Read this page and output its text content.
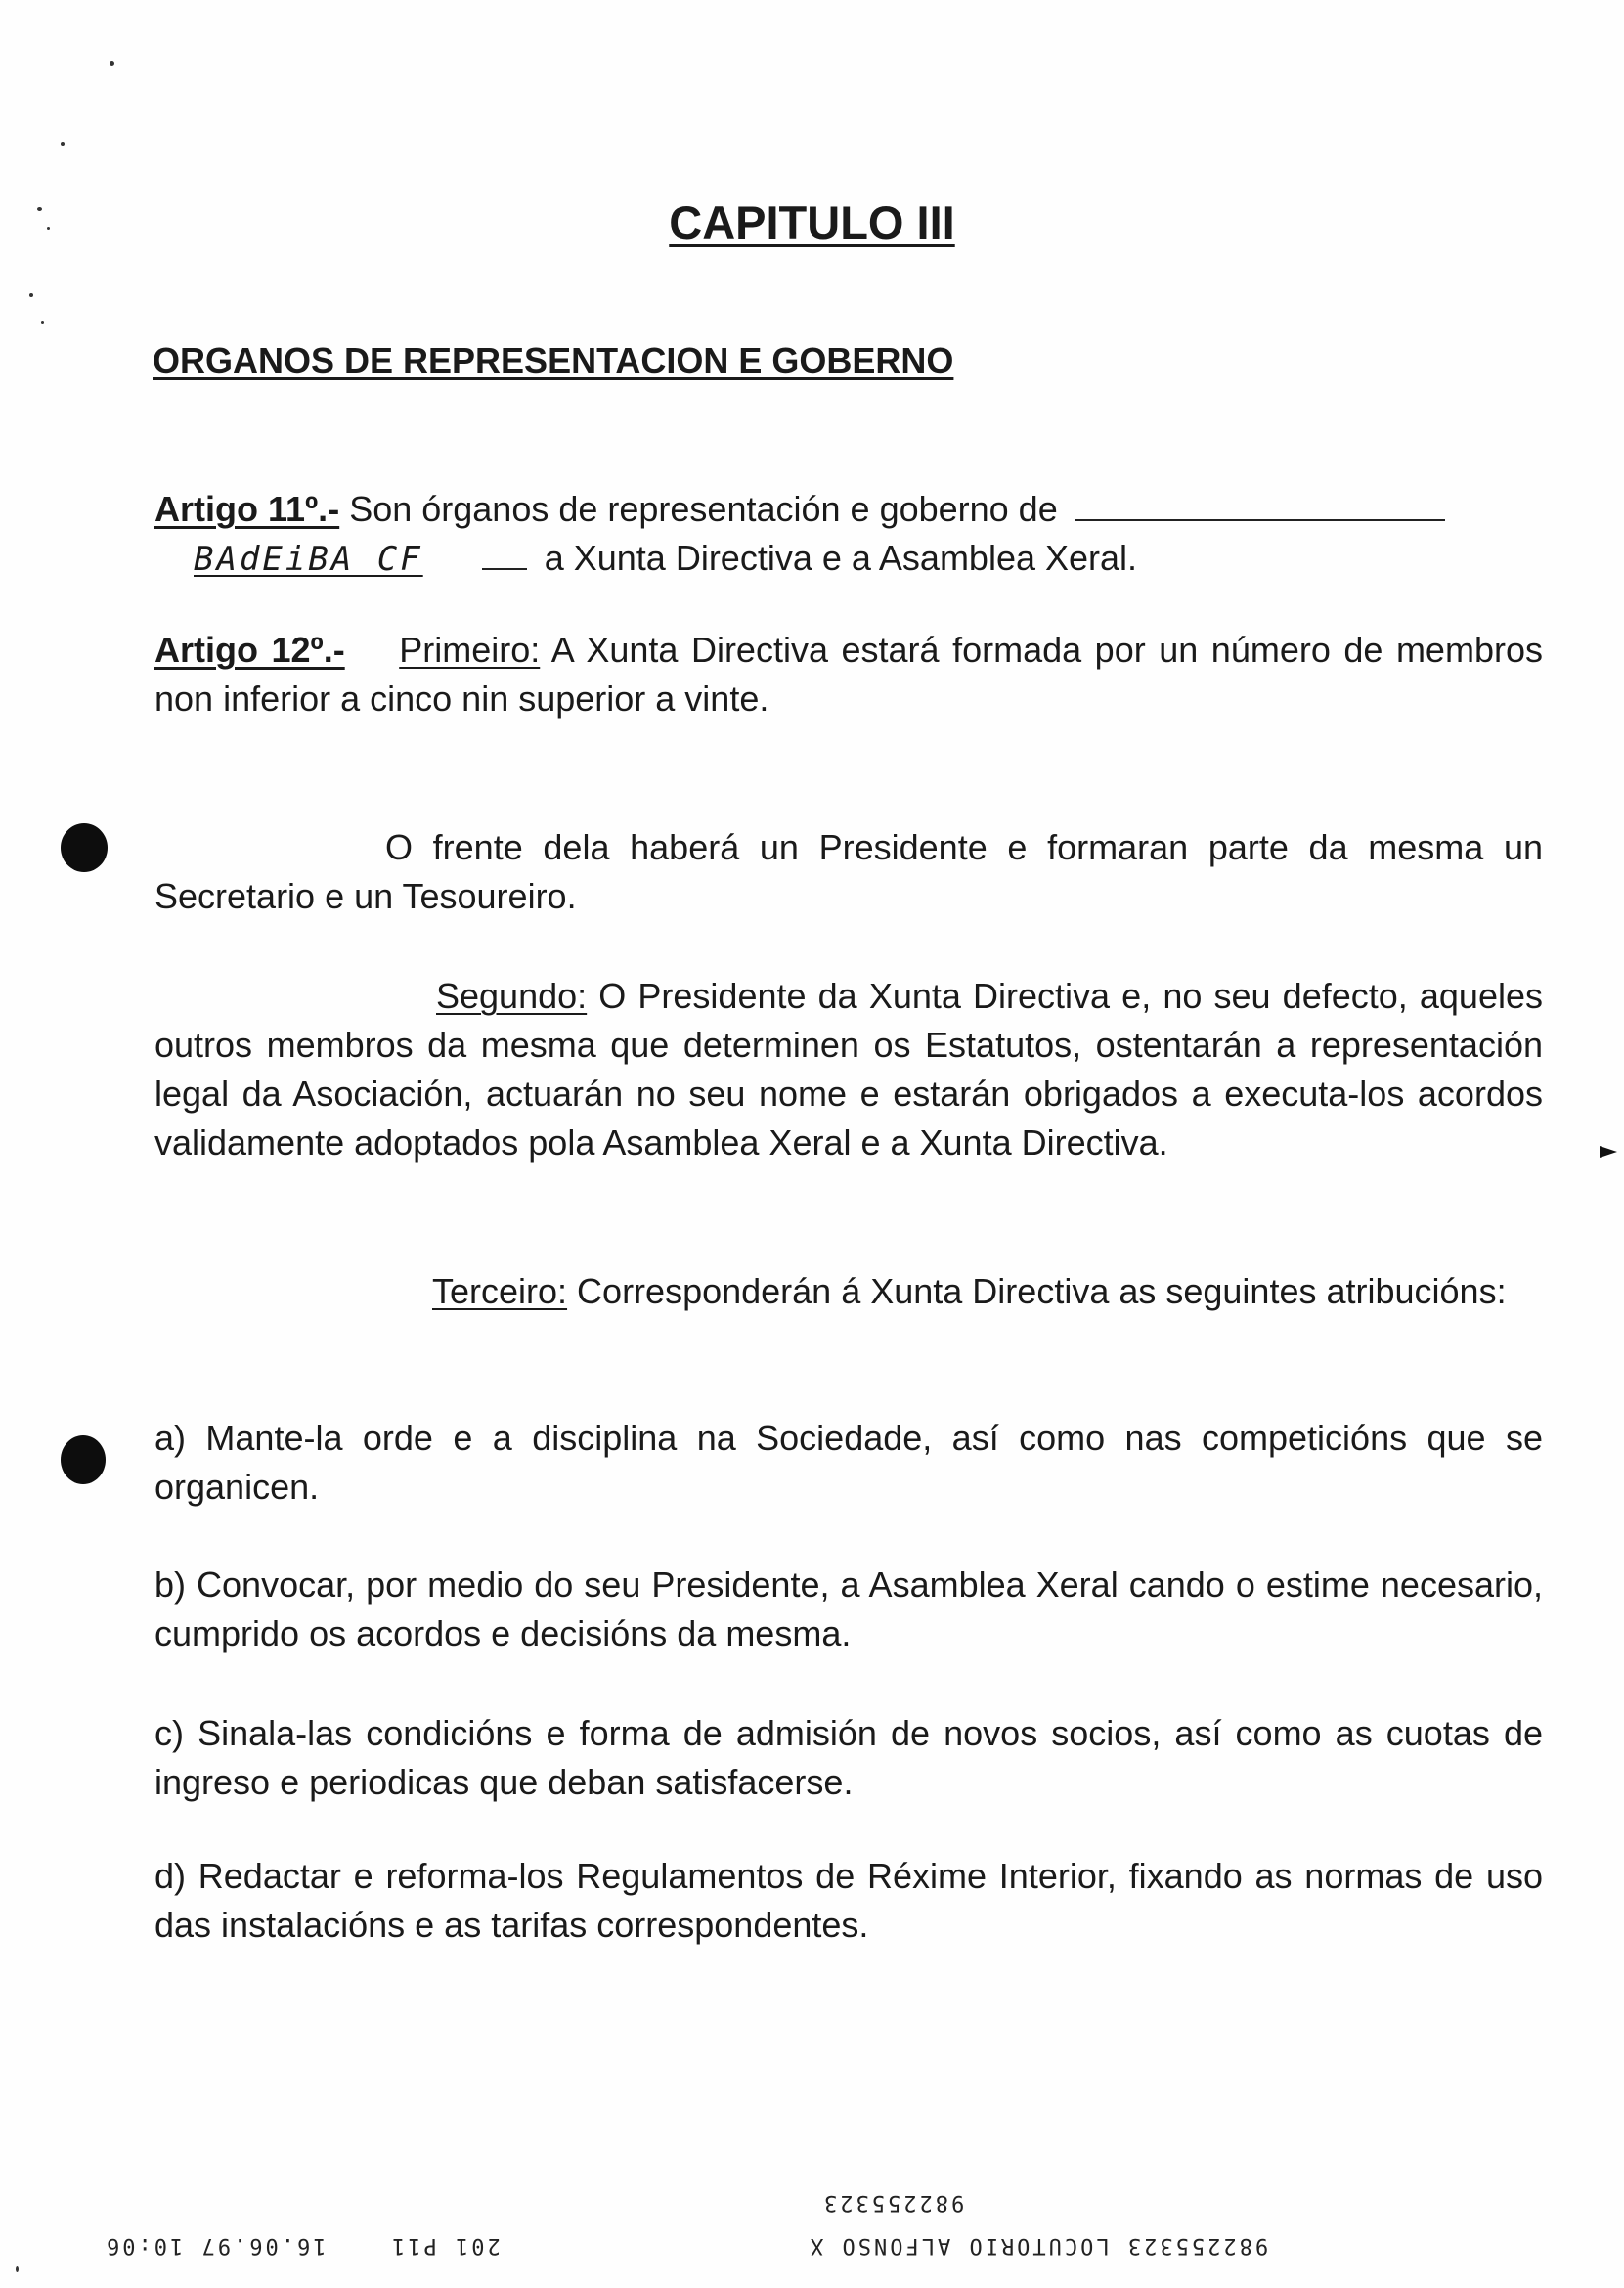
CAPITULO III
ORGANOS DE REPRESENTACION E GOBERNO
Artigo 11º.- Son órganos de representación e goberno de
BAdEiBA CF	a Xunta Directiva e a Asamblea Xeral.
Artigo 12º.- Primeiro: A Xunta Directiva estará formada por un número de membros non inferior a cinco nin superior a vinte.
O frente dela haberá un Presidente e formaran parte da mesma un Secretario e un Tesoureiro.
Segundo: O Presidente da Xunta Directiva e, no seu defecto, aqueles outros membros da mesma que determinen os Estatutos, ostentarán a representación legal da Asociación, actuarán no seu nome e estarán obrigados a executa-los acordos validamente adoptados pola Asamblea Xeral e a Xunta Directiva.
Terceiro: Corresponderán á Xunta Directiva as seguintes atribucións:
a) Mante-la orde e a disciplina na Sociedade, así como nas competicións que se organicen.
b) Convocar, por medio do seu Presidente, a Asamblea Xeral cando o estime necesario, cumprido os acordos e decisións da mesma.
c) Sinala-las condicións e forma de admisión de novos socios, así como as cuotas de ingreso e periodicas que deban satisfacerse.
d) Redactar e reforma-los Regulamentos de Réxime Interior, fixando as normas de uso das instalacións e as tarifas correspondentes.
982255323
16.06.97 10:06	201 P11	982255323 LOCUTORIO ALFONSO X
